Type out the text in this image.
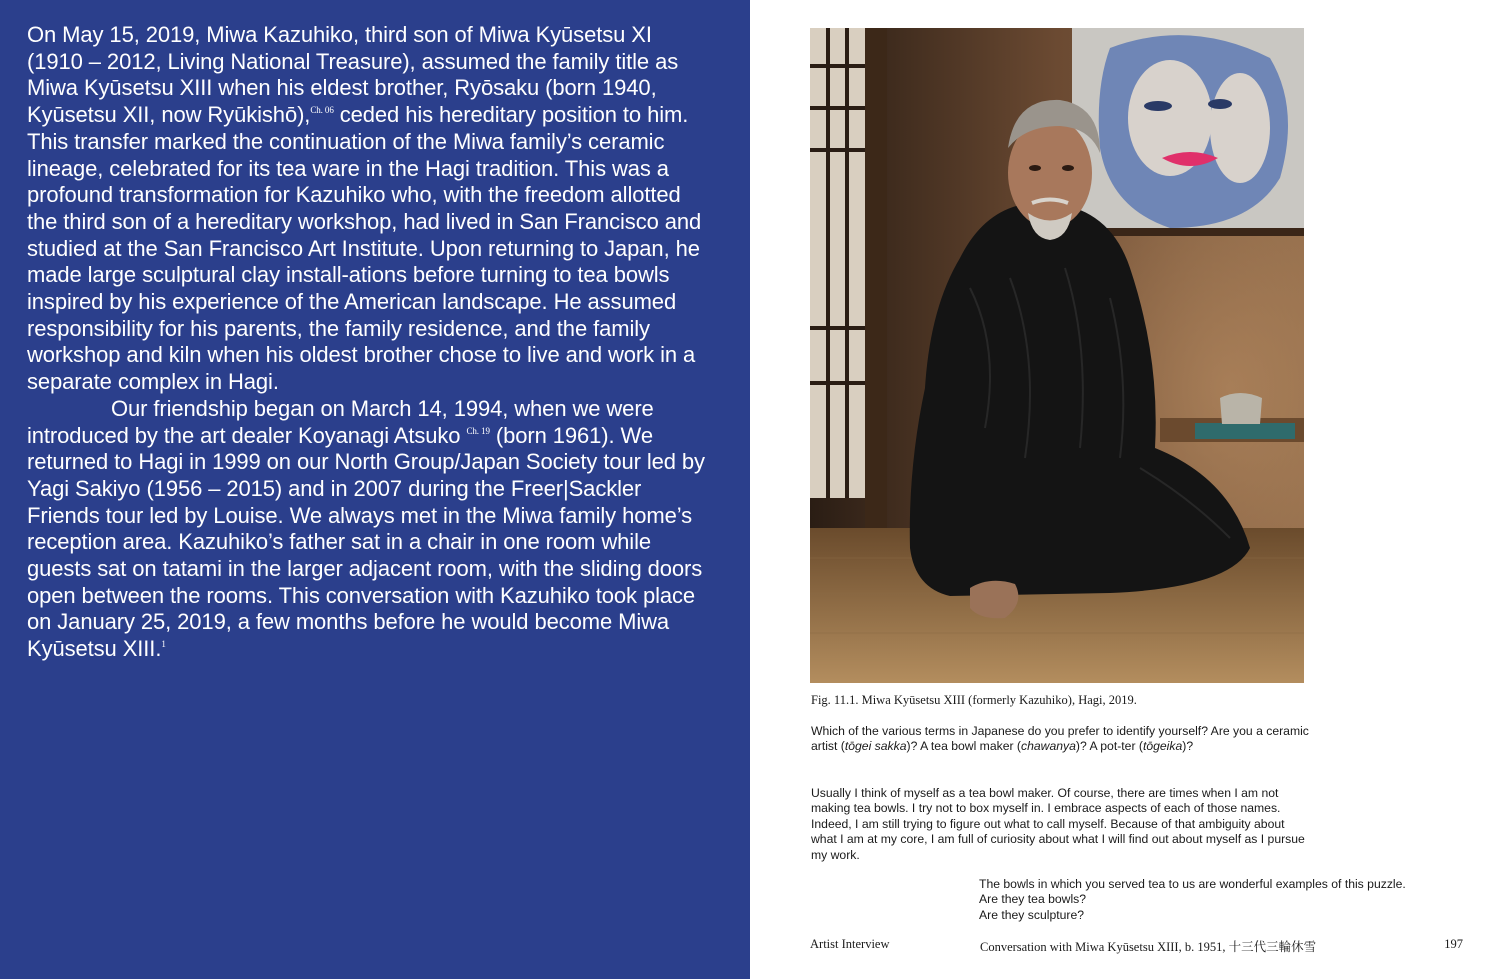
On May 15, 2019, Miwa Kazuhiko, third son of Miwa Kyūsetsu XI (1910 – 2012, Living National Treasure), assumed the family title as Miwa Kyūsetsu XIII when his eldest brother, Ryōsaku (born 1940, Kyūsetsu XII, now Ryūkishō),$^{Ch. 06}$ ceded his hereditary position to him. This transfer marked the continuation of the Miwa family’s ceramic lineage, celebrated for its tea ware in the Hagi tradition. This was a profound transformation for Kazuhiko who, with the freedom allotted the third son of a hereditary workshop, had lived in San Francisco and studied at the San Francisco Art Institute. Upon returning to Japan, he made large sculptural clay install-ations before turning to tea bowls inspired by his experience of the American landscape. He assumed responsibility for his parents, the family residence, and the family workshop and kiln when his oldest brother chose to live and work in a separate complex in Hagi.

Our friendship began on March 14, 1994, when we were introduced by the art dealer Koyanagi Atsuko $^{Ch. 19}$ (born 1961). We returned to Hagi in 1999 on our North Group/Japan Society tour led by Yagi Sakiyo (1956 – 2015) and in 2007 during the Freer|Sackler Friends tour led by Louise. We always met in the Miwa family home’s reception area. Kazuhiko’s father sat in a chair in one room while guests sat on tatami in the larger adjacent room, with the sliding doors open between the rooms. This conversation with Kazuhiko took place on January 25, 2019, a few months before he would become Miwa Kyūsetsu XIII.$^1$

Fig. 11.1. Miwa Kyūsetsu XIII (formerly Kazuhiko), Hagi, 2019.

Which of the various terms in Japanese do you prefer to identify yourself? Are you a ceramic artist (tōgei sakka)? A tea bowl maker (chawanya)? A pot-ter (tōgeika)?

Usually I think of myself as a tea bowl maker. Of course, there are times when I am not making tea bowls. I try not to box myself in. I embrace aspects of each of those names. Indeed, I am still trying to figure out what to call myself. Because of that ambiguity about what I am at my core, I am full of curiosity about what I will find out about myself as I pursue my work.

The bowls in which you served tea to us are wonderful examples of this puzzle.
Are they tea bowls?
Are they sculpture?

Artist Interview	Conversation with Miwa Kyūsetsu XIII, b. 1951, 十三代三輪休雪	197
